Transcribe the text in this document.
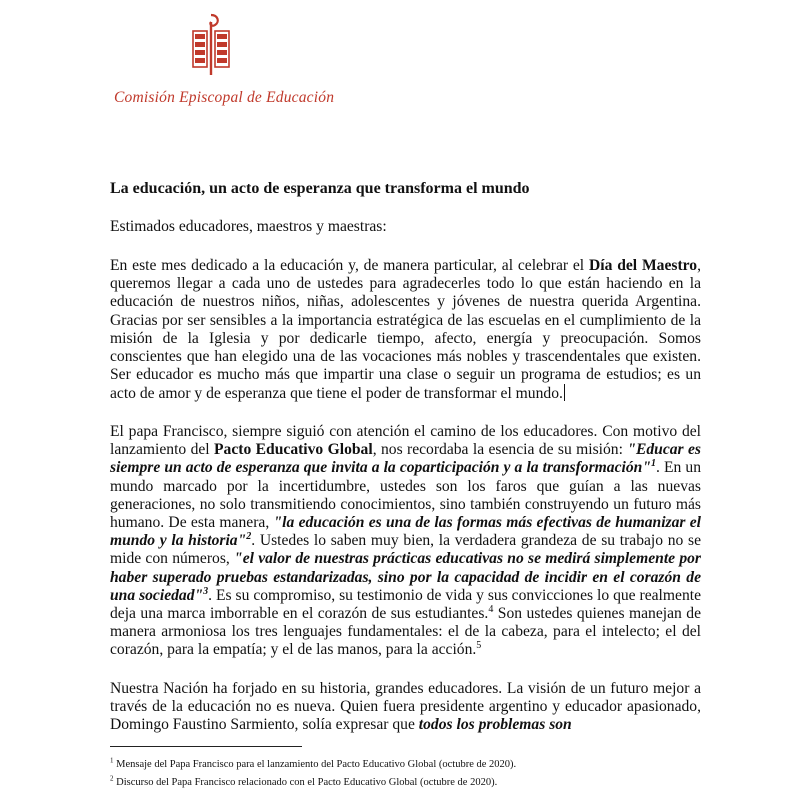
Comisión Episcopal de Educación
La educación, un acto de esperanza que transforma el mundo

Estimados educadores, maestros y maestras:

En este mes dedicado a la educación y, de manera particular, al celebrar el Día del Maestro, queremos llegar a cada uno de ustedes para agradecerles todo lo que están haciendo en la educación de nuestros niños, niñas, adolescentes y jóvenes de nuestra querida Argentina. Gracias por ser sensibles a la importancia estratégica de las escuelas en el cumplimiento de la misión de la Iglesia y por dedicarle tiempo, afecto, energía y preocupación. Somos conscientes que han elegido una de las vocaciones más nobles y trascendentales que existen. Ser educador es mucho más que impartir una clase o seguir un programa de estudios; es un acto de amor y de esperanza que tiene el poder de transformar el mundo.

El papa Francisco, siempre siguió con atención el camino de los educadores. Con motivo del lanzamiento del Pacto Educativo Global, nos recordaba la esencia de su misión: "Educar es siempre un acto de esperanza que invita a la coparticipación y a la transformación"$^1$. En un mundo marcado por la incertidumbre, ustedes son los faros que guían a las nuevas generaciones, no solo transmitiendo conocimientos, sino también construyendo un futuro más humano. De esta manera, "la educación es una de las formas más efectivas de humanizar el mundo y la historia"$^2$. Ustedes lo saben muy bien, la verdadera grandeza de su trabajo no se mide con números, "el valor de nuestras prácticas educativas no se medirá simplemente por haber superado pruebas estandarizadas, sino por la capacidad de incidir en el corazón de una sociedad"$^3$. Es su compromiso, su testimonio de vida y sus convicciones lo que realmente deja una marca imborrable en el corazón de sus estudiantes.$^4$ Son ustedes quienes manejan de manera armoniosa los tres lenguajes fundamentales: el de la cabeza, para el intelecto; el del corazón, para la empatía; y el de las manos, para la acción.$^5$

Nuestra Nación ha forjado en su historia, grandes educadores. La visión de un futuro mejor a través de la educación no es nueva. Quien fuera presidente argentino y educador apasionado, Domingo Faustino Sarmiento, solía expresar que todos los problemas son

$^1$ Mensaje del Papa Francisco para el lanzamiento del Pacto Educativo Global (octubre de 2020).
$^2$ Discurso del Papa Francisco relacionado con el Pacto Educativo Global (octubre de 2020).
